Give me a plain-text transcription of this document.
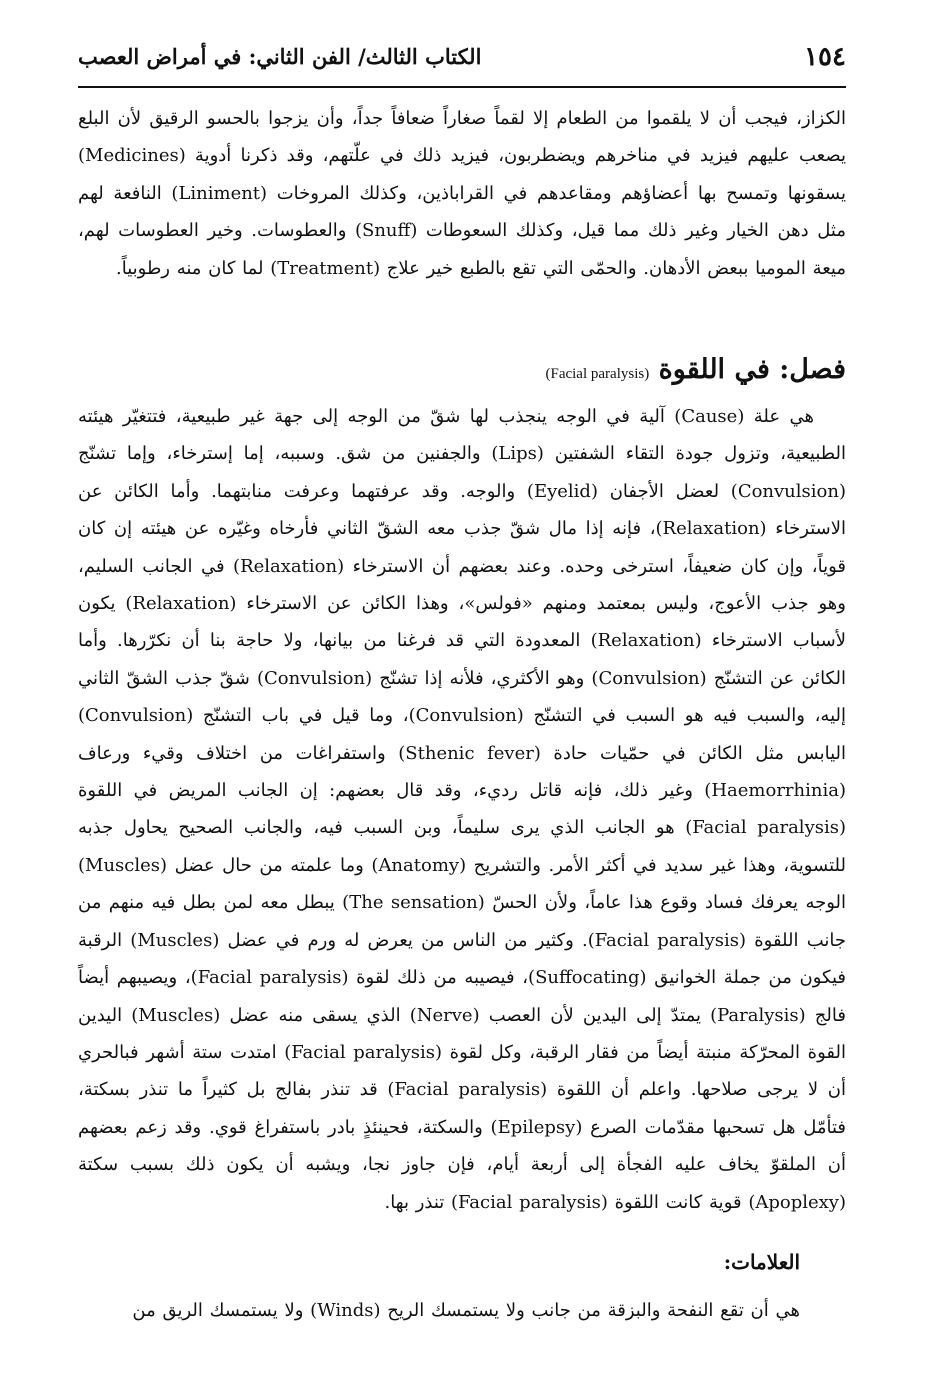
١٥٤
الكتاب الثالث/ الفن الثاني: في أمراض العصب

الكزاز، فيجب أن لا يلقموا من الطعام إلا لقماً صغاراً ضعافاً جداً، وأن يزجوا بالحسو الرقيق لأن البلع يصعب عليهم فيزيد في مناخرهم ويضطربون، فيزيد ذلك في علّتهم، وقد ذكرنا أدوية (Medicines) يسقونها وتمسح بها أعضاؤهم ومقاعدهم في القراباذين، وكذلك المروخات (Liniment) النافعة لهم مثل دهن الخيار وغير ذلك مما قيل، وكذلك السعوطات (Snuff) والعطوسات. وخير العطوسات لهم، ميعة الموميا ببعض الأدهان. والحمّى التي تقع بالطبع خير علاج (Treatment) لما كان منه رطوبياً.

فصل: في اللقوة (Facial paralysis)

هي علة (Cause) آلية في الوجه ينجذب لها شقّ من الوجه إلى جهة غير طبيعية، فتتغيّر هيئته الطبيعية، وتزول جودة التقاء الشفتين (Lips) والجفنين من شق. وسببه، إما إسترخاء، وإما تشنّج (Convulsion) لعضل الأجفان (Eyelid) والوجه. وقد عرفتهما وعرفت منابتهما. وأما الكائن عن الاسترخاء (Relaxation)، فإنه إذا مال شقّ جذب معه الشقّ الثاني فأرخاه وغيّره عن هيئته إن كان قوياً، وإن كان ضعيفاً، استرخى وحده. وعند بعضهم أن الاسترخاء (Relaxation) في الجانب السليم، وهو جذب الأعوج، وليس بمعتمد ومنهم «فولس»، وهذا الكائن عن الاسترخاء (Relaxation) يكون لأسباب الاسترخاء (Relaxation) المعدودة التي قد فرغنا من بيانها، ولا حاجة بنا أن نكرّرها. وأما الكائن عن التشنّج (Convulsion) وهو الأكثري، فلأنه إذا تشنّج (Convulsion) شقّ جذب الشقّ الثاني إليه، والسبب فيه هو السبب في التشنّج (Convulsion)، وما قيل في باب التشنّج (Convulsion) اليابس مثل الكائن في حمّيات حادة (Sthenic fever) واستفراغات من اختلاف وقيء ورعاف (Haemorrhinia) وغير ذلك، فإنه قاتل رديء، وقد قال بعضهم: إن الجانب المريض في اللقوة (Facial paralysis) هو الجانب الذي يرى سليماً، وبن السبب فيه، والجانب الصحيح يحاول جذبه للتسوية، وهذا غير سديد في أكثر الأمر. والتشريح (Anatomy) وما علمته من حال عضل (Muscles) الوجه يعرفك فساد وقوع هذا عاماً، ولأن الحسّ (The sensation) يبطل معه لمن بطل فيه منهم من جانب اللقوة (Facial paralysis). وكثير من الناس من يعرض له ورم في عضل (Muscles) الرقبة فيكون من جملة الخوانيق (Suffocating)، فيصيبه من ذلك لقوة (Facial paralysis)، ويصيبهم أيضاً فالج (Paralysis) يمتدّ إلى اليدين لأن العصب (Nerve) الذي يسقى منه عضل (Muscles) اليدين القوة المحرّكة منبتة أيضاً من فقار الرقبة، وكل لقوة (Facial paralysis) امتدت ستة أشهر فبالحري أن لا يرجى صلاحها. واعلم أن اللقوة (Facial paralysis) قد تنذر بفالج بل كثيراً ما تنذر بسكتة، فتأمّل هل تسحبها مقدّمات الصرع (Epilepsy) والسكتة، فحينئذٍ بادر باستفراغ قوي. وقد زعم بعضهم أن الملقوّ يخاف عليه الفجأة إلى أربعة أيام، فإن جاوز نجا، ويشبه أن يكون ذلك بسبب سكتة (Apoplexy) قوية كانت اللقوة (Facial paralysis) تنذر بها.

العلامات:

هي أن تقع النفحة والبزقة من جانب ولا يستمسك الريح (Winds) ولا يستمسك الريق من
